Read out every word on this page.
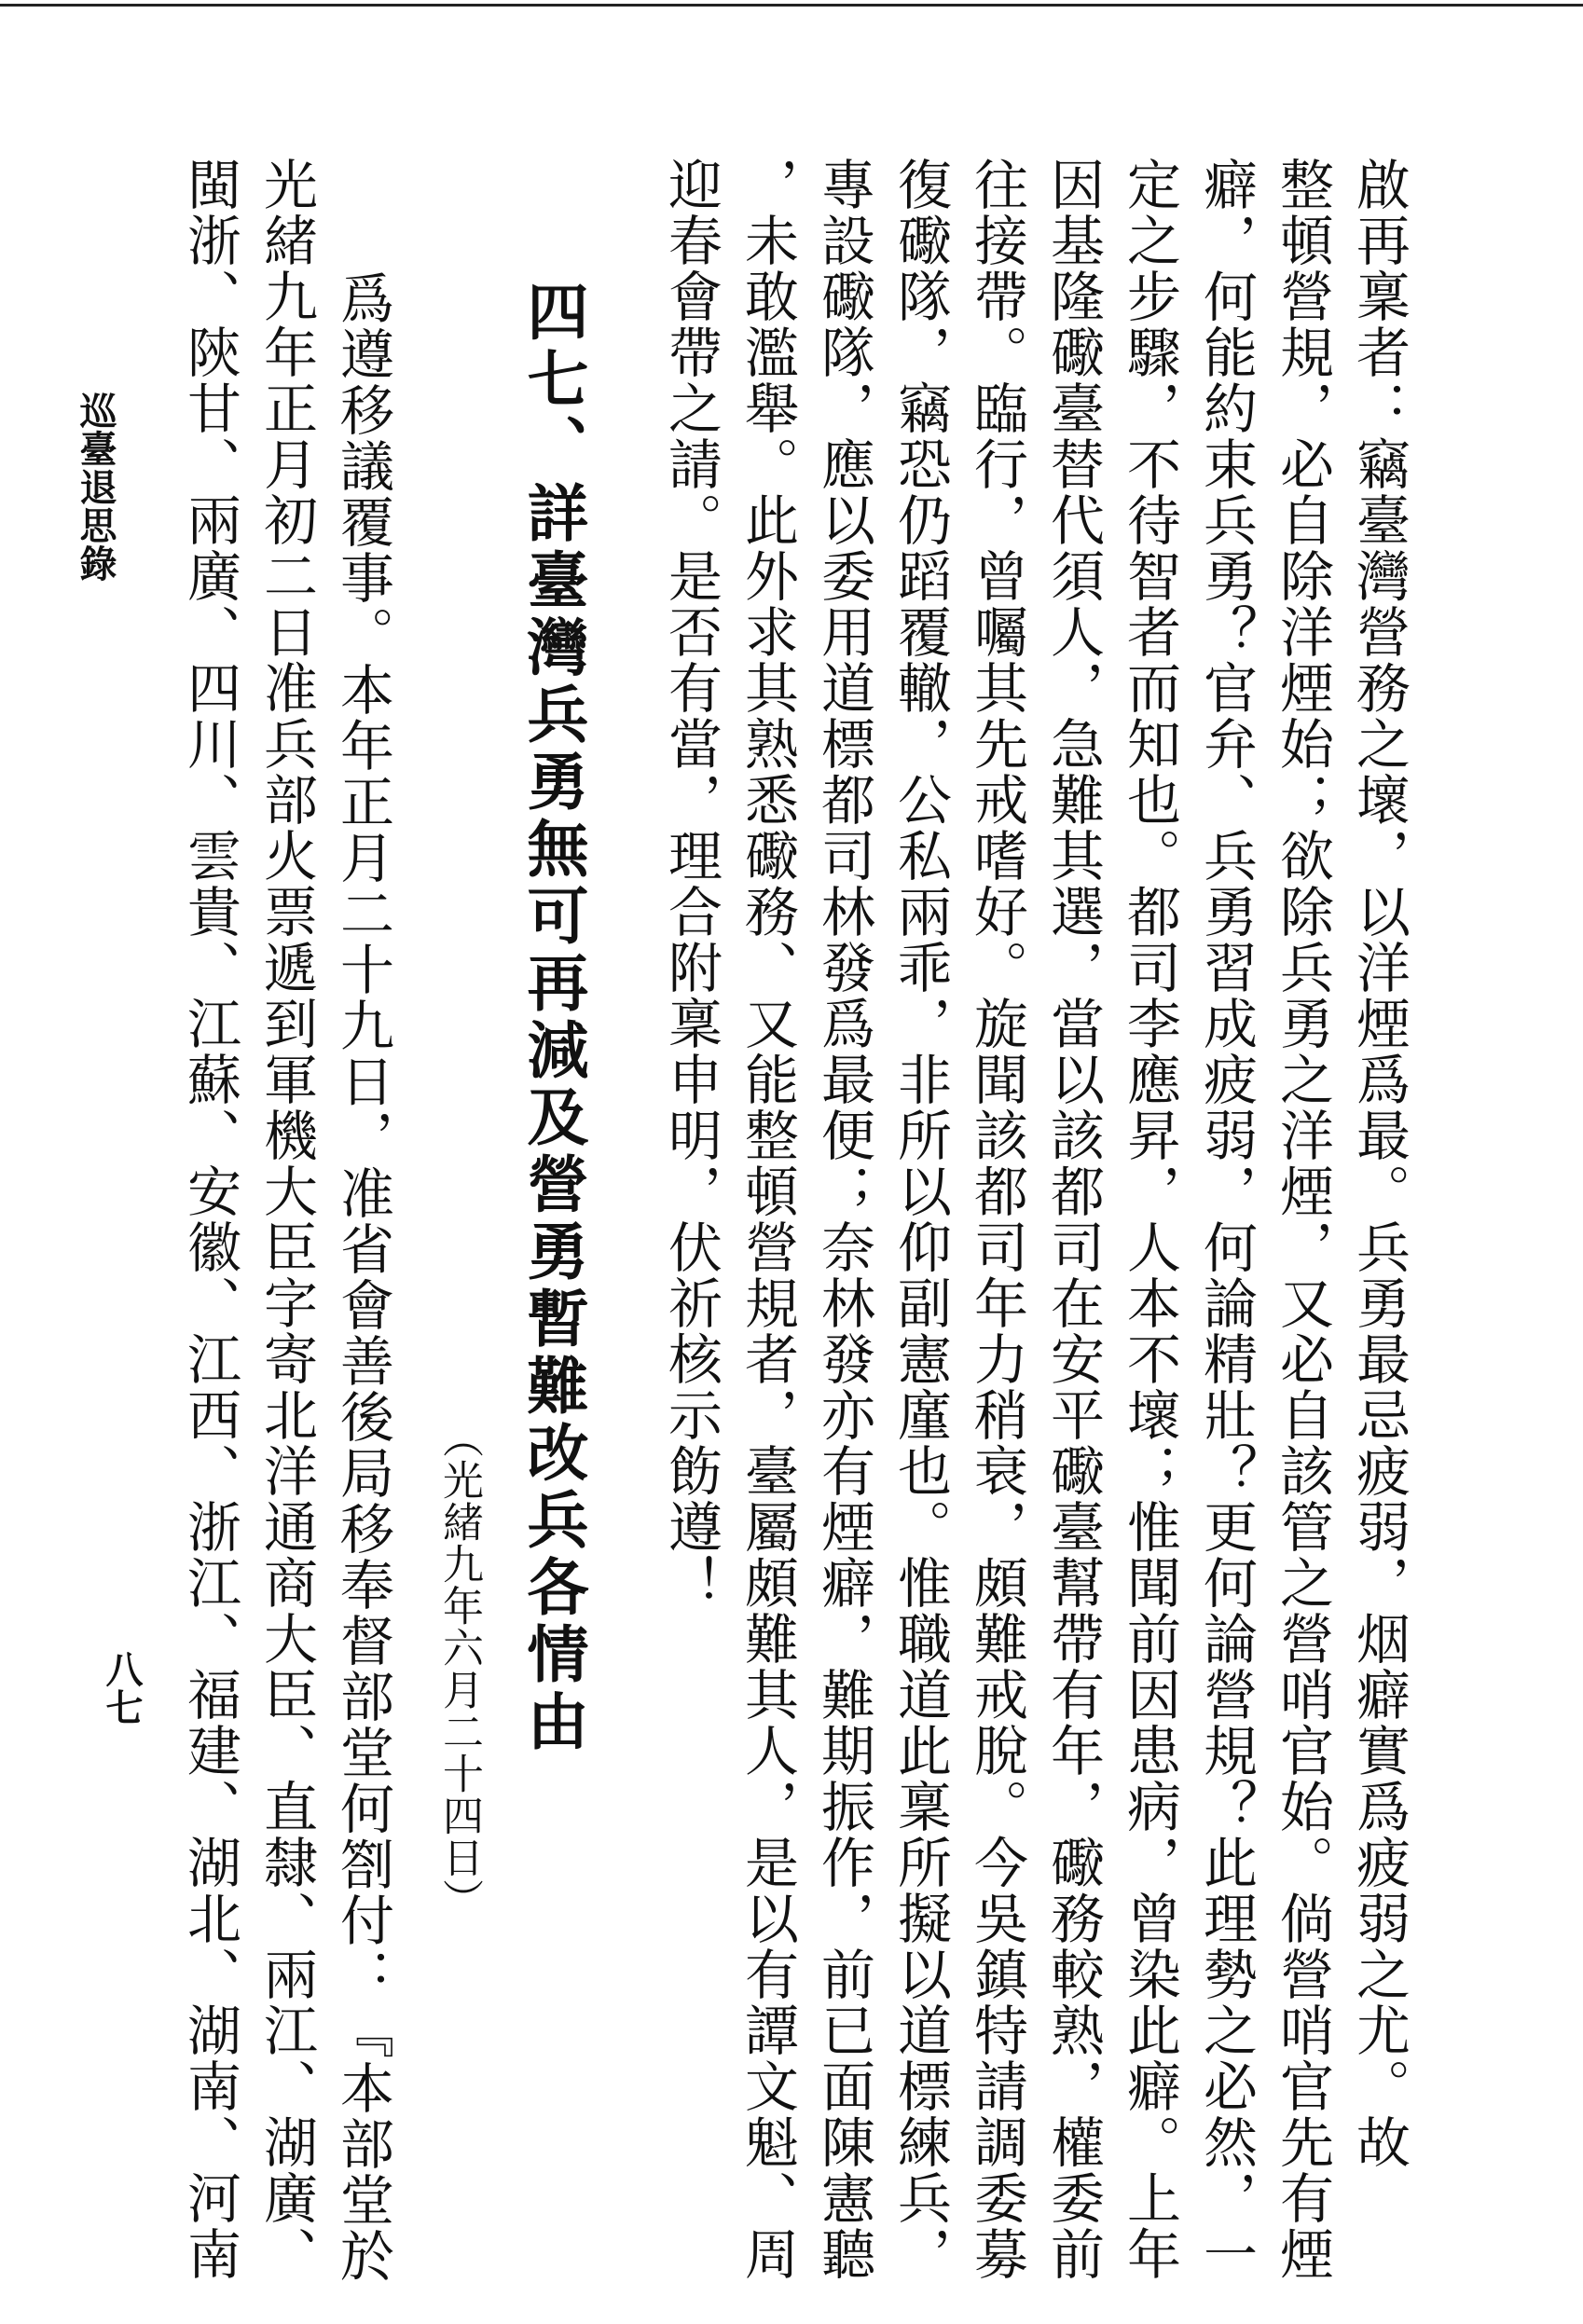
啟再稟者：竊臺灣營務之壞，以洋煙爲最。兵勇最忌疲弱，烟癖實爲疲弱之尤。故
整頓營規，必自除洋煙始；欲除兵勇之洋煙，又必自該管之營哨官始。倘營哨官先有煙
癖，何能約束兵勇？官弁、兵勇習成疲弱，何論精壯？更何論營規？此理勢之必然，一
定之步驟，不待智者而知也。都司李應昇，人本不壞；惟聞前因患病，曾染此癖。上年
因基隆礮臺替代須人，急難其選，當以該都司在安平礮臺幫帶有年，礮務較熟，權委前
往接帶。臨行，曾囑其先戒嗜好。旋聞該都司年力稍衰，頗難戒脫。今吳鎮特請調委募
復礮隊，竊恐仍蹈覆轍，公私兩乖，非所以仰副憲廑也。惟職道此稟所擬以道標練兵，
專設礮隊，應以委用道標都司林發爲最便；奈林發亦有煙癖，難期振作，前已面陳憲聽
，未敢濫舉。此外求其熟悉礮務、又能整頓營規者，臺屬頗難其人，是以有譚文魁、周
迎春會帶之請。是否有當，理合附稟申明，伏祈核示飭遵！
四七、詳臺灣兵勇無可再減及營勇暫難改兵各情由
（光緒九年六月二十四日）
爲遵移議覆事。本年正月二十九日，准省會善後局移奉督部堂何劄付：『本部堂於
光緒九年正月初二日准兵部火票遞到軍機大臣字寄北洋通商大臣、直隸、兩江、湖廣、
閩浙、陝甘、兩廣、四川、雲貴、江蘇、安徽、江西、浙江、福建、湖北、湖南、河南
巡臺退思錄
八七
